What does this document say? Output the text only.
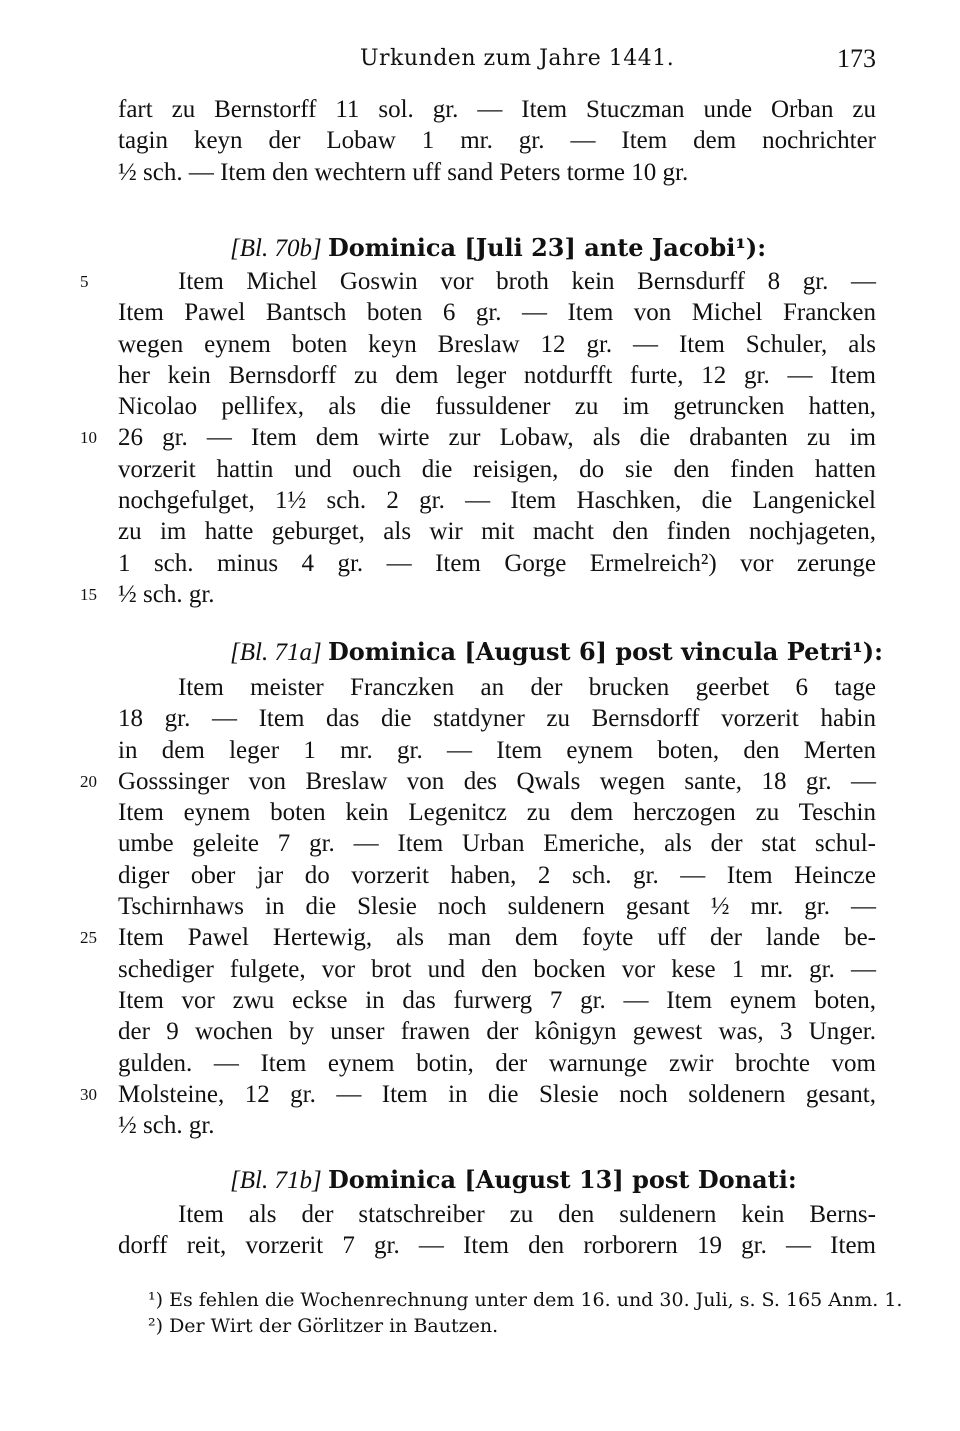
Urkunden zum Jahre 1441.	173
fart zu Bernstorff 11 sol. gr. — Item Stuczman unde Orban zu
tagin keyn der Lobaw 1 mr. gr. — Item dem nochrichter
½ sch. — Item den wechtern uff sand Peters torme 10 gr.
[Bl. 70b] Dominica [Juli 23] ante Jacobi¹):
5	Item Michel Goswin vor broth kein Bernsdurff 8 gr. —
Item Pawel Bantsch boten 6 gr. — Item von Michel Francken
wegen eynem boten keyn Breslaw 12 gr. — Item Schuler, als
her kein Bernsdorff zu dem leger notdurfft furte, 12 gr. — Item
Nicolao pellifex, als die fussuldener zu im getruncken hatten,
10 26 gr. — Item dem wirte zur Lobaw, als die drabanten zu im
vorzerit hattin und ouch die reisigen, do sie den finden hatten
nochgefulget, 1½ sch. 2 gr. — Item Haschken, die Langenickel
zu im hatte geburget, als wir mit macht den finden nochjageten,
1 sch. minus 4 gr. — Item Gorge Ermelreich²) vor zerunge
15 ½ sch. gr.
[Bl. 71a] Dominica [August 6] post vincula Petri¹):
Item meister Franczken an der brucken geerbet 6 tage
18 gr. — Item das die statdyner zu Bernsdorff vorzerit habin
in dem leger 1 mr. gr. — Item eynem boten, den Merten
20 Gosssinger von Breslaw von des Qwals wegen sante, 18 gr. —
Item eynem boten kein Legenitcz zu dem herczogen zu Teschin
umbe geleite 7 gr. — Item Urban Emeriche, als der stat schul-
diger ober jar do vorzerit haben, 2 sch. gr. — Item Heincze
Tschirnhaws in die Slesie noch suldenern gesant ½ mr. gr. —
25 Item Pawel Hertewig, als man dem foyte uff der lande be-
schediger fulgete, vor brot und den bocken vor kese 1 mr. gr. —
Item vor zwu eckse in das furwerg 7 gr. — Item eynem boten,
der 9 wochen by unser frawen der kônigyn gewest was, 3 Unger.
gulden. — Item eynem botin, der warnunge zwir brochte vom
30 Molsteine, 12 gr. — Item in die Slesie noch soldenern gesant,
½ sch. gr.
[Bl. 71b] Dominica [August 13] post Donati:
Item als der statschreiber zu den suldenern kein Berns-
dorff reit, vorzerit 7 gr. — Item den rorborern 19 gr. — Item
¹) Es fehlen die Wochenrechnung unter dem 16. und 30. Juli, s. S. 165 Anm. 1.
²) Der Wirt der Görlitzer in Bautzen.
